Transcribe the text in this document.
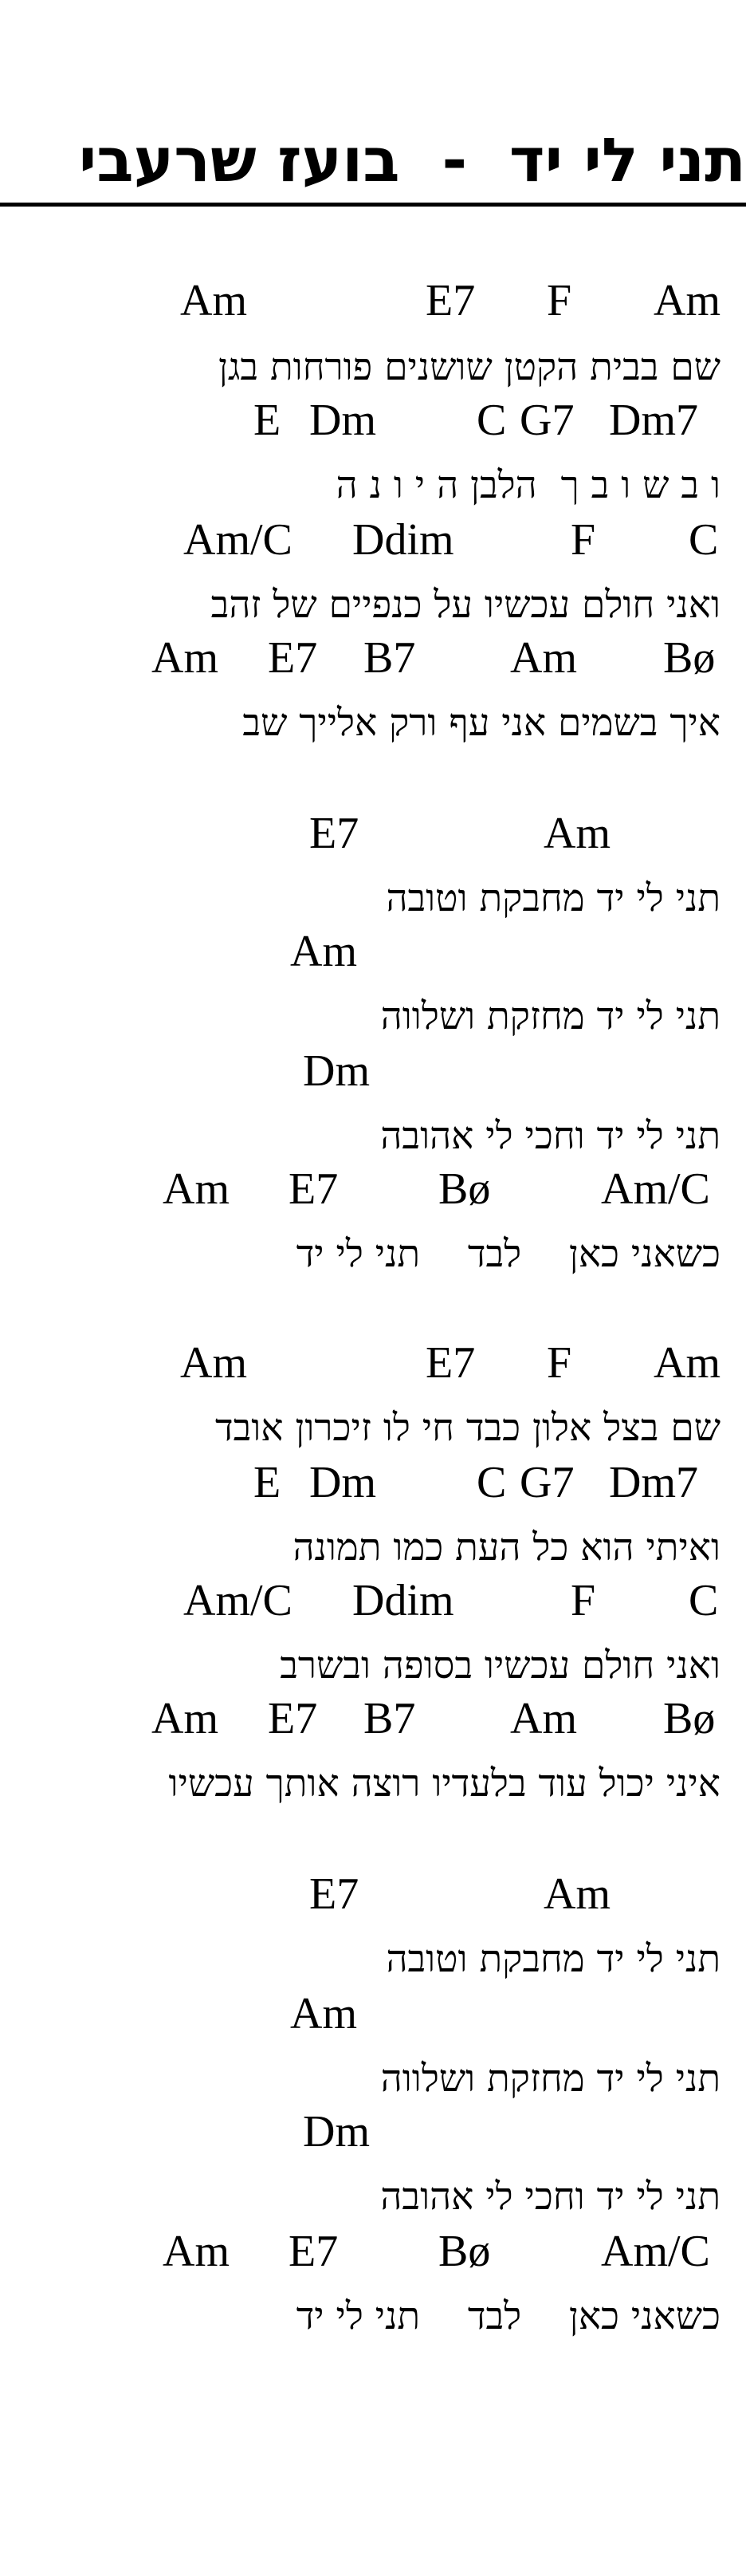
תני לי יד  -  בועז שרעבי

Am

	E7

F

Am

שם בבית הקטן שושנים פורחות בגן

E

Dm

C

G7

Dm7

ו ב ש ו ב ך  הלבן ה י ו נ ה

Am/C

Ddim

	F

C

ואני חולם עכשיו על כנפיים של זהב

Am

E7

B7

Am

Bø

איך בשמים אני עף ורק אלייך שב

E7

	Am

תני לי יד מחבקת וטובה

Am

תני לי יד מחזקת ושלווה

Dm

תני לי יד וחכי לי אהובה

Am

E7

Bø

Am/C

כשאני כאן    לבד    תני לי יד

Am

	E7

F

Am

שם בצל אלון כבד חי לו זיכרון אובד

E

Dm

C

G7

Dm7

ואיתי הוא כל העת כמו תמונה

Am/C

Ddim

	F

C

ואני חולם עכשיו בסופה ובשרב

Am

E7

B7

Am

Bø

איני יכול עוד בלעדיו רוצה אותך עכשיו

E7

	Am

תני לי יד מחבקת וטובה

Am

תני לי יד מחזקת ושלווה

Dm

תני לי יד וחכי לי אהובה

Am

E7

Bø

Am/C

כשאני כאן    לבד    תני לי יד
